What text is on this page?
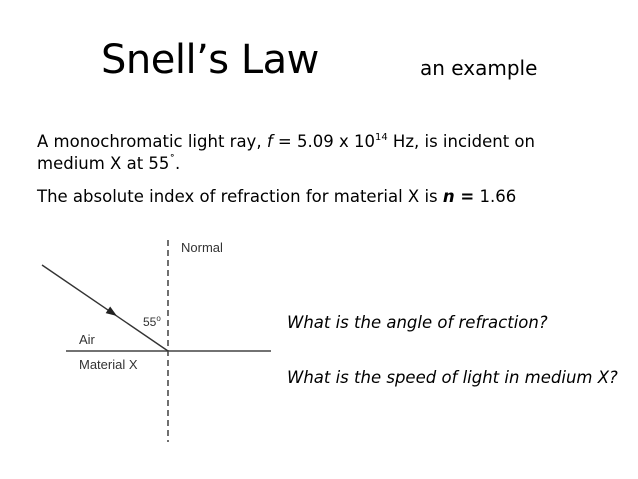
Snell’s Law	an example
A monochromatic light ray, f = 5.09 x $10^{14}$ Hz, is incident on
medium X at 55˚.
The absolute index of refraction for material X is n = 1.66
Normal
55$^o$
Air
Material X
What is the angle of refraction?
What is the speed of light in medium X?
